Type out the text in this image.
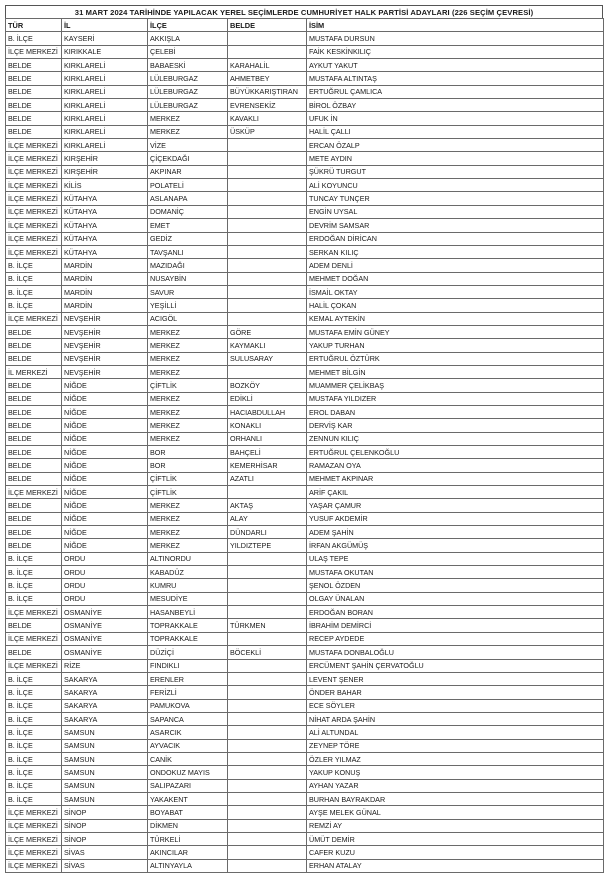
31 MART 2024 TARİHİNDE YAPILACAK YEREL SEÇİMLERDE CUMHURİYET HALK PARTİSİ ADAYLARI (226 SEÇİM ÇEVRESİ)
TÜR	İL	İLÇE	BELDE	İSİM
B. İLÇE	KAYSERİ	AKKIŞLA		MUSTAFA DURSUN
İLÇE MERKEZİ	KIRIKKALE	ÇELEBİ		FAİK KESKİNKILIÇ
BELDE	KIRKLARELİ	BABAESKİ	KARAHALİL	AYKUT YAKUT
BELDE	KIRKLARELİ	LÜLEBURGAZ	AHMETBEY	MUSTAFA ALTINTAŞ
BELDE	KIRKLARELİ	LÜLEBURGAZ	BÜYÜKKARIŞTIRAN	ERTUĞRUL ÇAMLICA
BELDE	KIRKLARELİ	LÜLEBURGAZ	EVRENSEKİZ	BİROL ÖZBAY
BELDE	KIRKLARELİ	MERKEZ	KAVAKLI	UFUK İN
BELDE	KIRKLARELİ	MERKEZ	ÜSKÜP	HALİL ÇALLI
İLÇE MERKEZİ	KIRKLARELİ	VİZE		ERCAN ÖZALP
İLÇE MERKEZİ	KIRŞEHİR	ÇİÇEKDAĞI		METE AYDIN
İLÇE MERKEZİ	KIRŞEHİR	AKPINAR		ŞÜKRÜ TURGUT
İLÇE MERKEZİ	KİLİS	POLATELİ		ALİ KOYUNCU
İLÇE MERKEZİ	KÜTAHYA	ASLANAPA		TUNCAY TUNÇER
İLÇE MERKEZİ	KÜTAHYA	DOMANİÇ		ENGİN UYSAL
İLÇE MERKEZİ	KÜTAHYA	EMET		DEVRİM SAMSAR
İLÇE MERKEZİ	KÜTAHYA	GEDİZ		ERDOĞAN DİRİCAN
İLÇE MERKEZİ	KÜTAHYA	TAVŞANLI		SERKAN KILIÇ
B. İLÇE	MARDİN	MAZIDAĞI		ADEM DENLİ
B. İLÇE	MARDİN	NUSAYBİN		MEHMET DOĞAN
B. İLÇE	MARDİN	SAVUR		İSMAİL OKTAY
B. İLÇE	MARDİN	YEŞİLLİ		HALİL ÇOKAN
İLÇE MERKEZİ	NEVŞEHİR	ACIGÖL		KEMAL AYTEKİN
BELDE	NEVŞEHİR	MERKEZ	GÖRE	MUSTAFA EMİN GÜNEY
BELDE	NEVŞEHİR	MERKEZ	KAYMAKLI	YAKUP TURHAN
BELDE	NEVŞEHİR	MERKEZ	SULUSARAY	ERTUĞRUL ÖZTÜRK
İL MERKEZİ	NEVŞEHİR	MERKEZ		MEHMET BİLGİN
BELDE	NİĞDE	ÇİFTLİK	BOZKÖY	MUAMMER ÇELİKBAŞ
BELDE	NİĞDE	MERKEZ	EDİKLİ	MUSTAFA YILDIZER
BELDE	NİĞDE	MERKEZ	HACIABDULLAH	EROL DABAN
BELDE	NİĞDE	MERKEZ	KONAKLI	DERVİŞ KAR
BELDE	NİĞDE	MERKEZ	ORHANLI	ZENNUN KILIÇ
BELDE	NİĞDE	BOR	BAHÇELİ	ERTUĞRUL ÇELENKOĞLU
BELDE	NİĞDE	BOR	KEMERHİSAR	RAMAZAN OYA
BELDE	NİĞDE	ÇİFTLİK	AZATLI	MEHMET AKPINAR
İLÇE MERKEZİ	NİĞDE	ÇİFTLİK		ARİF ÇAKIL
BELDE	NİĞDE	MERKEZ	AKTAŞ	YAŞAR ÇAMUR
BELDE	NİĞDE	MERKEZ	ALAY	YUSUF AKDEMİR
BELDE	NİĞDE	MERKEZ	DÜNDARLI	ADEM ŞAHİN
BELDE	NİĞDE	MERKEZ	YILDIZTEPE	İRFAN AKGÜMÜŞ
B. İLÇE	ORDU	ALTINORDU		ULAŞ TEPE
B. İLÇE	ORDU	KABADÜZ		MUSTAFA OKUTAN
B. İLÇE	ORDU	KUMRU		ŞENOL ÖZDEN
B. İLÇE	ORDU	MESUDİYE		OLGAY ÜNALAN
İLÇE MERKEZİ	OSMANİYE	HASANBEYLİ		ERDOĞAN BORAN
BELDE	OSMANİYE	TOPRAKKALE	TÜRKMEN	İBRAHİM DEMİRCİ
İLÇE MERKEZİ	OSMANİYE	TOPRAKKALE		RECEP AYDEDE
BELDE	OSMANİYE	DÜZİÇİ	BÖCEKLİ	MUSTAFA DONBALOĞLU
İLÇE MERKEZİ	RİZE	FINDIKLI		ERCÜMENT ŞAHİN ÇERVATOĞLU
B. İLÇE	SAKARYA	ERENLER		LEVENT ŞENER
B. İLÇE	SAKARYA	FERİZLİ		ÖNDER BAHAR
B. İLÇE	SAKARYA	PAMUKOVA		ECE SÖYLER
B. İLÇE	SAKARYA	SAPANCA		NİHAT ARDA ŞAHİN
B. İLÇE	SAMSUN	ASARCIK		ALİ ALTUNDAL
B. İLÇE	SAMSUN	AYVACIK		ZEYNEP TÖRE
B. İLÇE	SAMSUN	CANİK		ÖZLER YILMAZ
B. İLÇE	SAMSUN	ONDOKUZ MAYIS		YAKUP KONUŞ
B. İLÇE	SAMSUN	SALIPAZARI		AYHAN YAZAR
B. İLÇE	SAMSUN	YAKAKENT		BURHAN BAYRAKDAR
İLÇE MERKEZİ	SİNOP	BOYABAT		AYŞE MELEK GÜNAL
İLÇE MERKEZİ	SİNOP	DİKMEN		REMZİ AY
İLÇE MERKEZİ	SİNOP	TÜRKELİ		ÜMÜT DEMİR
İLÇE MERKEZİ	SİVAS	AKINCILAR		CAFER KUZU
İLÇE MERKEZİ	SİVAS	ALTINYAYLA		ERHAN ATALAY
